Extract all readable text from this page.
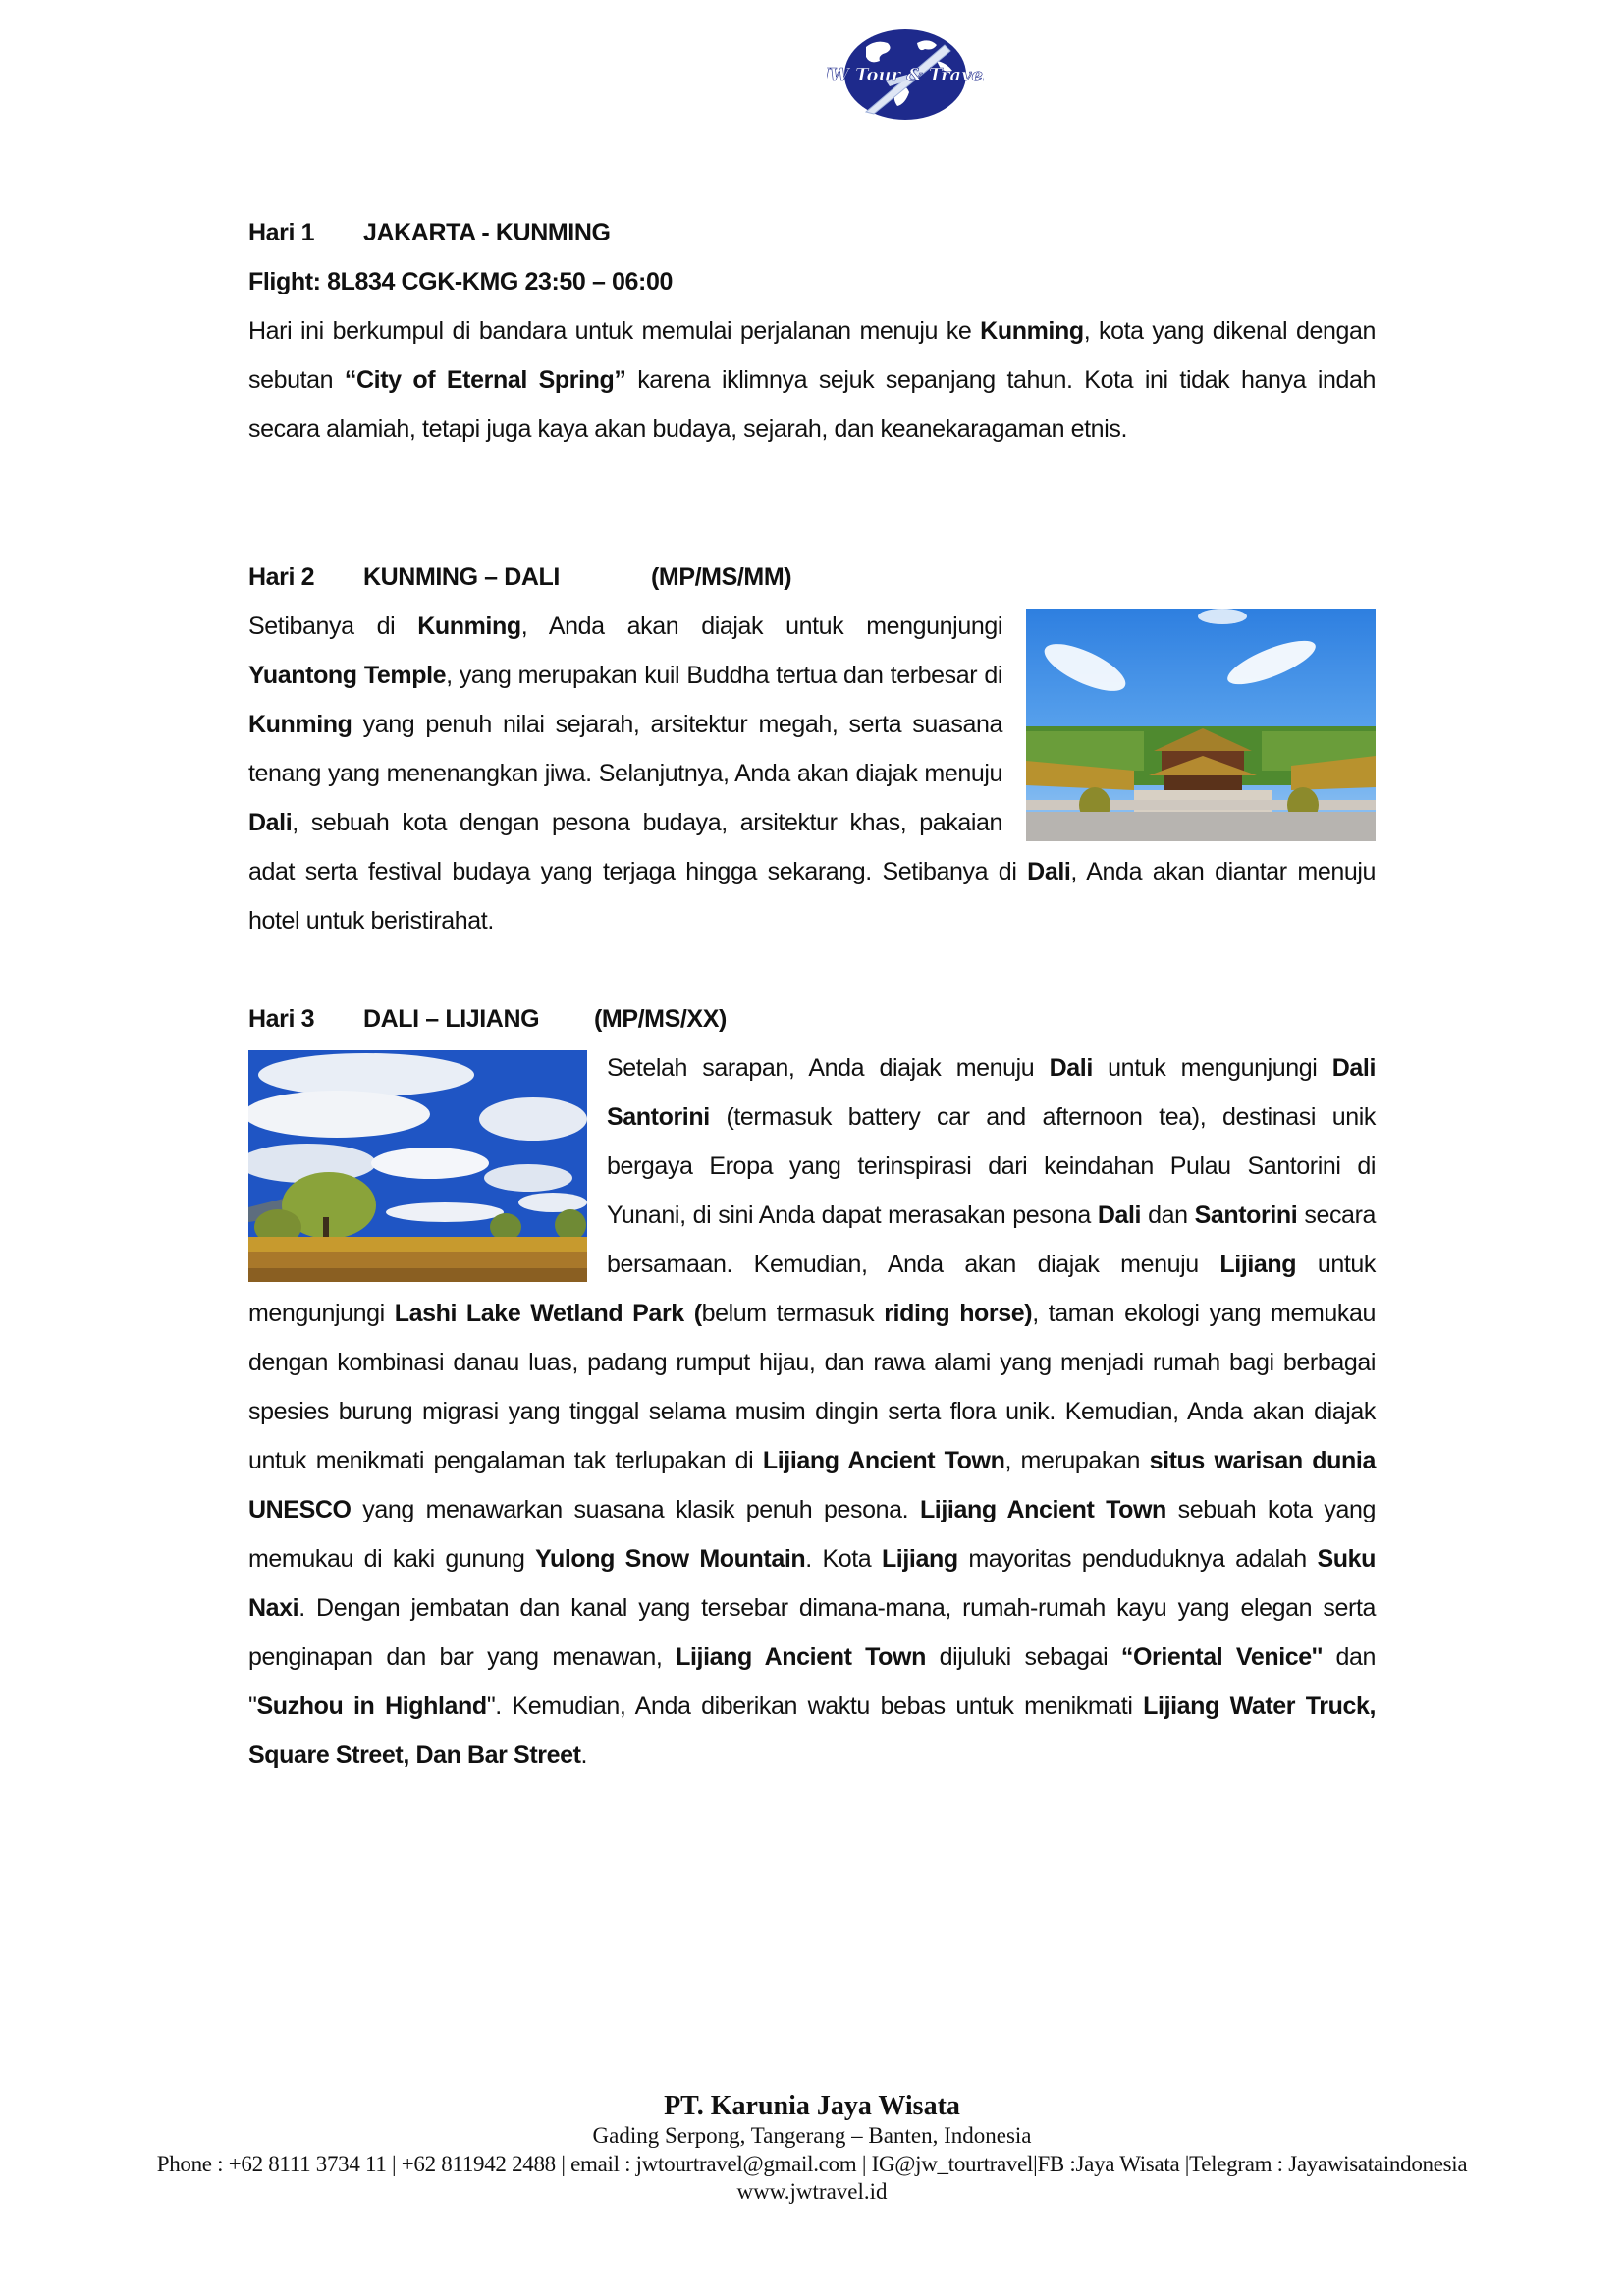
JW Tour & Travel
Hari 1 JAKARTA - KUNMING
Flight: 8L834 CGK-KMG 23:50 – 06:00

Hari ini berkumpul di bandara untuk memulai perjalanan menuju ke Kunming, kota yang dikenal dengan sebutan “City of Eternal Spring” karena iklimnya sejuk sepanjang tahun. Kota ini tidak hanya indah secara alamiah, tetapi juga kaya akan budaya, sejarah, dan keanekaragaman etnis.

Hari 2 KUNMING – DALI	(MP/MS/MM)

Setibanya di Kunming, Anda akan diajak untuk mengunjungi Yuantong Temple, yang merupakan kuil Buddha tertua dan terbesar di Kunming yang penuh nilai sejarah, arsitektur megah, serta suasana tenang yang menenangkan jiwa. Selanjutnya, Anda akan diajak menuju Dali, sebuah kota dengan pesona budaya, arsitektur khas, pakaian adat serta festival budaya yang terjaga hingga sekarang. Setibanya di Dali, Anda akan diantar menuju hotel untuk beristirahat.

Hari 3 DALI – LIJIANG (MP/MS/XX)

Setelah sarapan, Anda diajak menuju Dali untuk mengunjungi Dali Santorini (termasuk battery car and afternoon tea), destinasi unik bergaya Eropa yang terinspirasi dari keindahan Pulau Santorini di Yunani, di sini Anda dapat merasakan pesona Dali dan Santorini secara bersamaan. Kemudian, Anda akan diajak menuju Lijiang untuk mengunjungi Lashi Lake Wetland Park (belum termasuk riding horse), taman ekologi yang memukau dengan kombinasi danau luas, padang rumput hijau, dan rawa alami yang menjadi rumah bagi berbagai spesies burung migrasi yang tinggal selama musim dingin serta flora unik. Kemudian, Anda akan diajak untuk menikmati pengalaman tak terlupakan di Lijiang Ancient Town, merupakan situs warisan dunia UNESCO yang menawarkan suasana klasik penuh pesona. Lijiang Ancient Town sebuah kota yang memukau di kaki gunung Yulong Snow Mountain. Kota Lijiang mayoritas penduduknya adalah Suku Naxi. Dengan jembatan dan kanal yang tersebar dimana-mana, rumah-rumah kayu yang elegan serta penginapan dan bar yang menawan, Lijiang Ancient Town dijuluki sebagai “Oriental Venice'' dan "Suzhou in Highland". Kemudian, Anda diberikan waktu bebas untuk menikmati Lijiang Water Truck, Square Street, Dan Bar Street.

PT. Karunia Jaya Wisata
Gading Serpong, Tangerang – Banten, Indonesia
Phone : +62 8111 3734 11 | +62 811942 2488 | email : jwtourtravel@gmail.com | IG@jw_tourtravel|FB :Jaya Wisata |Telegram : Jayawisataindonesia
www.jwtravel.id
